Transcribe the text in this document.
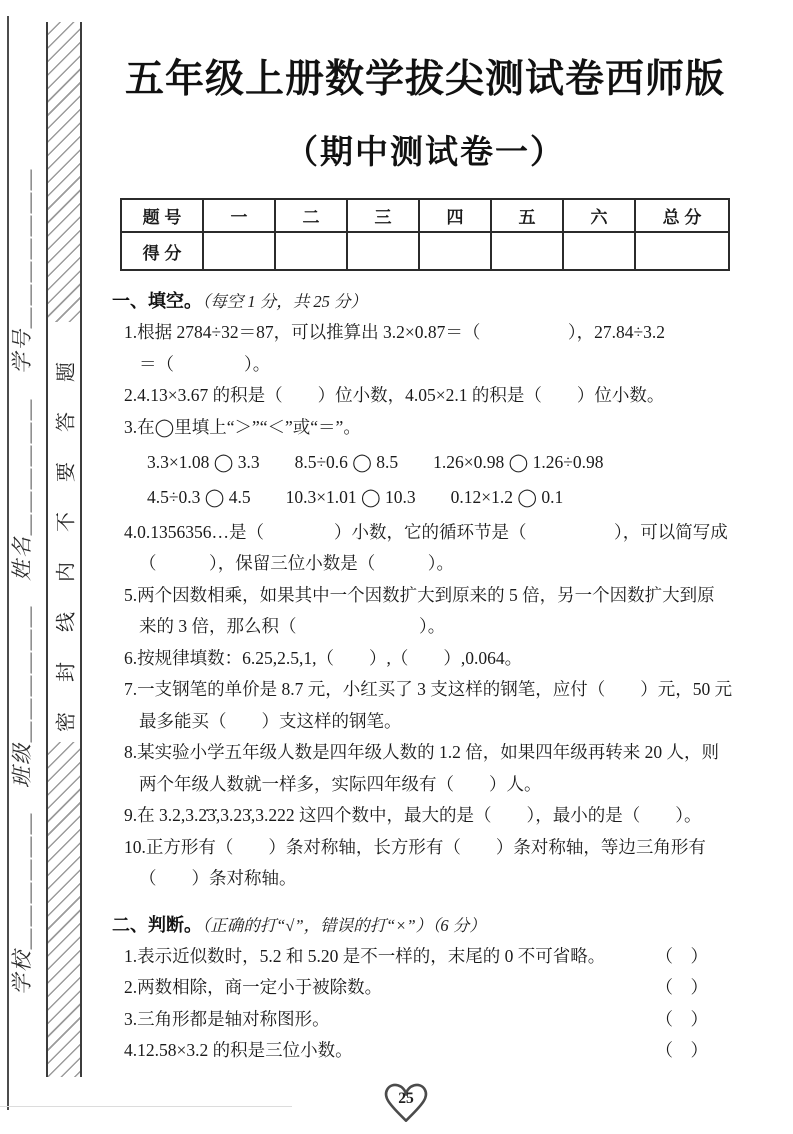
学校＿＿＿＿＿＿　班级＿＿＿＿＿＿　姓名＿＿＿＿＿＿　学号＿＿＿＿＿＿＿	密封线内不要答题
五年级上册数学拔尖测试卷西师版
（期中测试卷一）
题 号	一	二	三	四	五	六	总 分
得 分							
一、填空。（每空 1 分，共 25 分）
1.根据 2784÷32＝87，可以推算出 3.2×0.87＝（　　　　　），27.84÷3.2
＝（　　　　）。
2.4.13×3.67 的积是（　　）位小数，4.05×2.1 的积是（　　）位小数。
3.在◯里填上“＞”“＜”或“＝”。
3.3×1.08 ◯ 3.3　　8.5÷0.6 ◯ 8.5　　1.26×0.98 ◯ 1.26÷0.98
4.5÷0.3 ◯ 4.5　　10.3×1.01 ◯ 10.3　　0.12×1.2 ◯ 0.1
4.0.1356356…是（　　　　）小数，它的循环节是（　　　　　），可以简写成
（　　　），保留三位小数是（　　　）。
5.两个因数相乘，如果其中一个因数扩大到原来的 5 倍，另一个因数扩大到原
来的 3 倍，那么积（　　　　　　　）。
6.按规律填数：6.25,2.5,1,（　　）,（　　）,0.064。
7.一支钢笔的单价是 8.7 元，小红买了 3 支这样的钢笔，应付（　　）元，50 元
最多能买（　　）支这样的钢笔。
8.某实验小学五年级人数是四年级人数的 1.2 倍，如果四年级再转来 20 人，则
两个年级人数就一样多，实际四年级有（　　）人。
9.在 3.2,3.2̇3̇,3.23̇,3.222 这四个数中，最大的是（　　），最小的是（　　）。
10.正方形有（　　）条对称轴，长方形有（　　）条对称轴，等边三角形有
（　　）条对称轴。
二、判断。（正确的打“√”，错误的打“×”）（6 分）
1.表示近似数时，5.2 和 5.20 是不一样的，末尾的 0 不可省略。	（　）
2.两数相除，商一定小于被除数。	（　）
3.三角形都是轴对称图形。	（　）
4.12.58×3.2 的积是三位小数。	（　）
25
